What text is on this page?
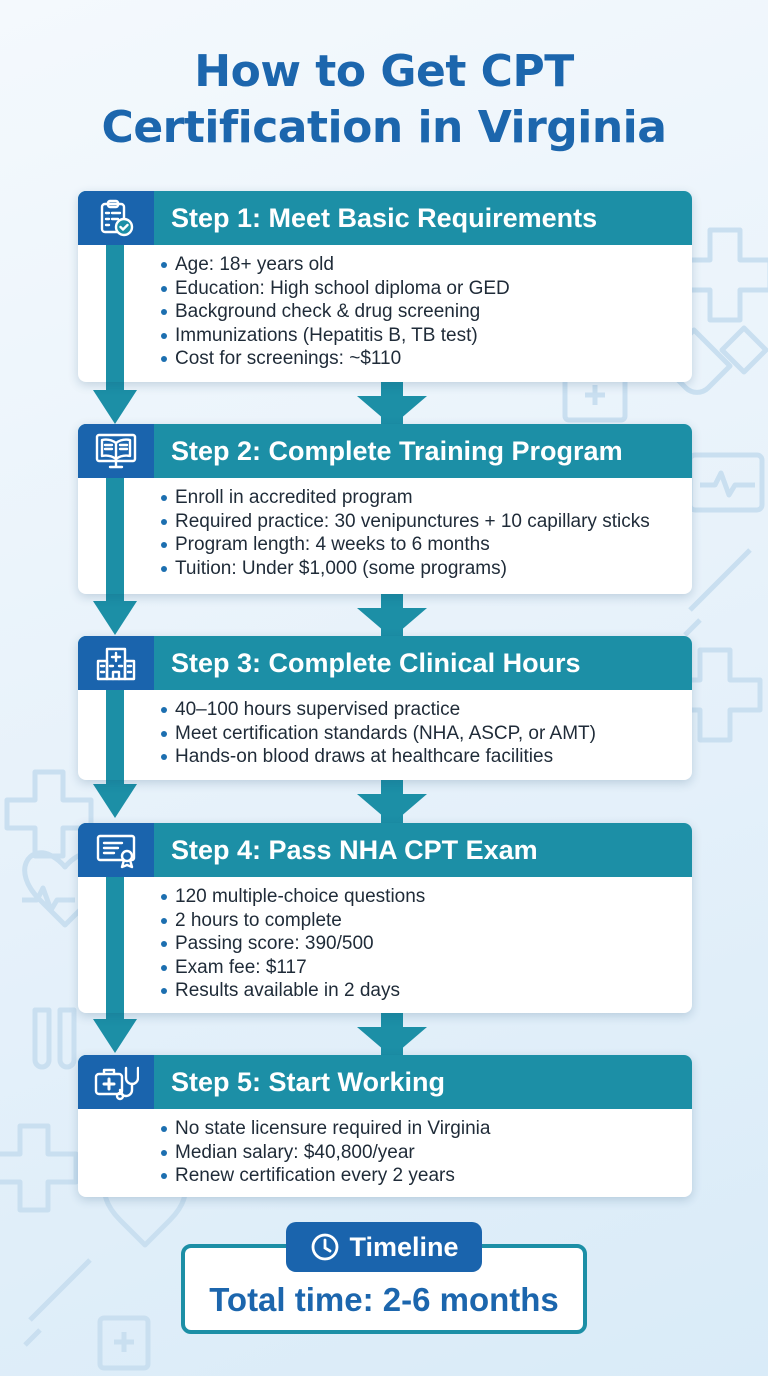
How to Get CPT
Certification in Virginia
Step 1: Meet Basic Requirements
Age: 18+ years old
Education: High school diploma or GED
Background check & drug screening
Immunizations (Hepatitis B, TB test)
Cost for screenings: ~$110
Step 2: Complete Training Program
Enroll in accredited program
Required practice: 30 venipunctures + 10 capillary sticks
Program length: 4 weeks to 6 months
Tuition: Under $1,000 (some programs)
Step 3: Complete Clinical Hours
40–100 hours supervised practice
Meet certification standards (NHA, ASCP, or AMT)
Hands-on blood draws at healthcare facilities
Step 4: Pass NHA CPT Exam
120 multiple-choice questions
2 hours to complete
Passing score: 390/500
Exam fee: $117
Results available in 2 days
Step 5: Start Working
No state licensure required in Virginia
Median salary: $40,800/year
Renew certification every 2 years
Timeline
Total time: 2-6 months
